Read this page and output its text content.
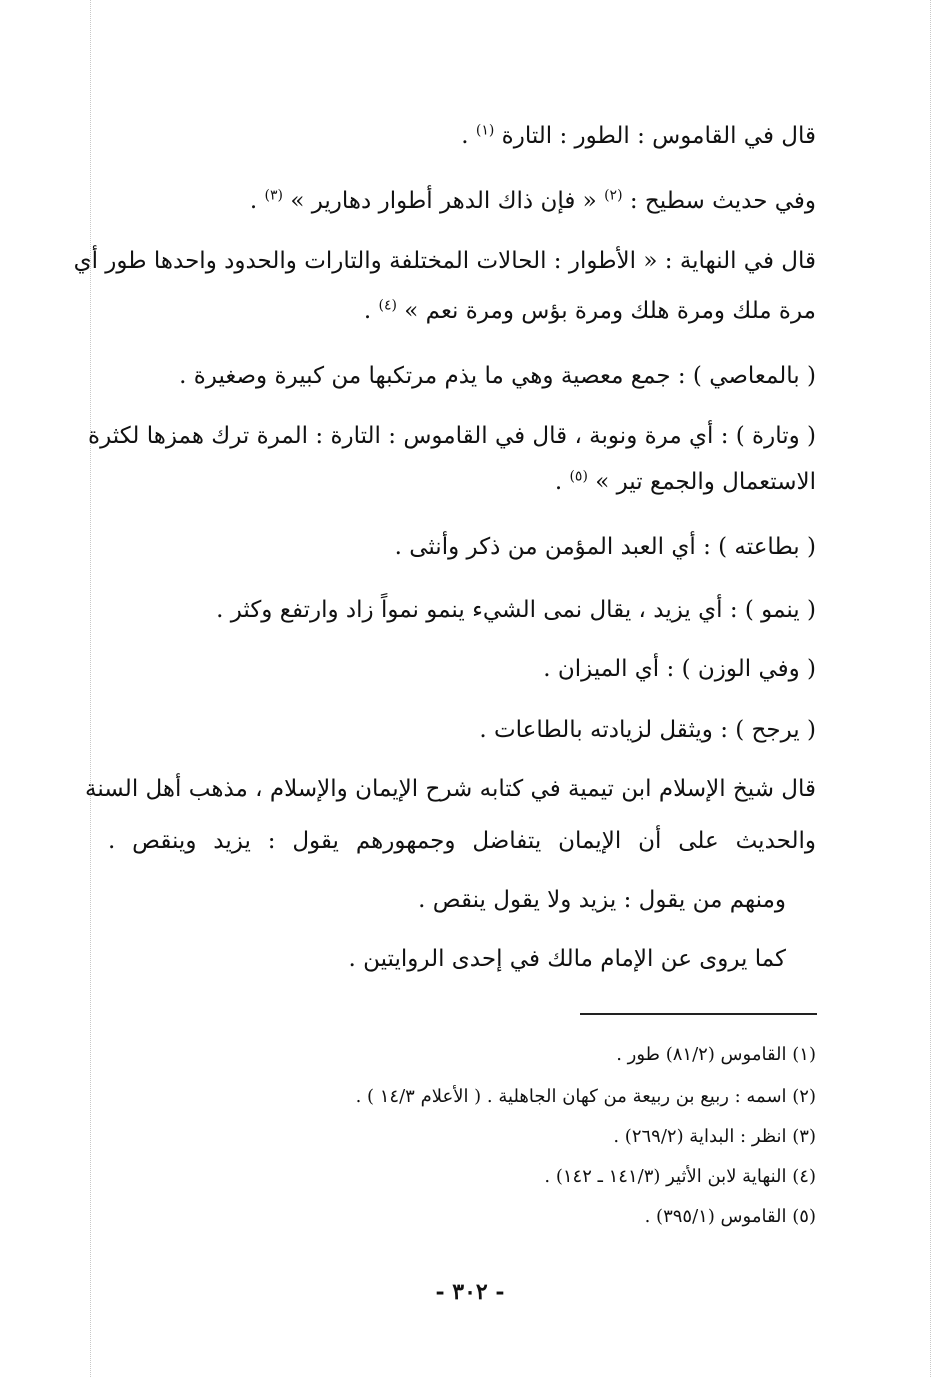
قال في القاموس : الطور : التارة $^{(١)}$ .
وفي حديث سطيح : $^{(٢)}$ « فإن ذاك الدهر أطوار دهارير » $^{(٣)}$ .
قال في النهاية : « الأطوار : الحالات المختلفة والتارات والحدود واحدها طور أي
مرة ملك ومرة هلك ومرة بؤس ومرة نعم » $^{(٤)}$ .
( بالمعاصي ) : جمع معصية وهي ما يذم مرتكبها من كبيرة وصغيرة .
( وتارة ) : أي مرة ونوبة ، قال في القاموس : التارة : المرة ترك همزها لكثرة
الاستعمال والجمع تير » $^{(٥)}$ .
( بطاعته ) : أي العبد المؤمن من ذكر وأنثى .
( ينمو ) : أي يزيد ، يقال نمى الشيء ينمو نمواً زاد وارتفع وكثر .
( وفي الوزن ) : أي الميزان .
( يرجح ) : ويثقل لزيادته بالطاعات .
قال شيخ الإسلام ابن تيمية في كتابه شرح الإيمان والإسلام ، مذهب أهل السنة
والحديث على أن الإيمان يتفاضل وجمهورهم يقول : يزيد وينقص .
ومنهم من يقول : يزيد ولا يقول ينقص .
كما يروى عن الإمام مالك في إحدى الروايتين .
(١) القاموس (٨١/٢) طور .
(٢) اسمه : ربيع بن ربيعة من كهان الجاهلية . ( الأعلام ١٤/٣ ) .
(٣) انظر : البداية (٢٦٩/٢) .
(٤) النهاية لابن الأثير (١٤١/٣ ـ ١٤٢) .
(٥) القاموس (٣٩٥/١) .
- ٣٠٢ -
